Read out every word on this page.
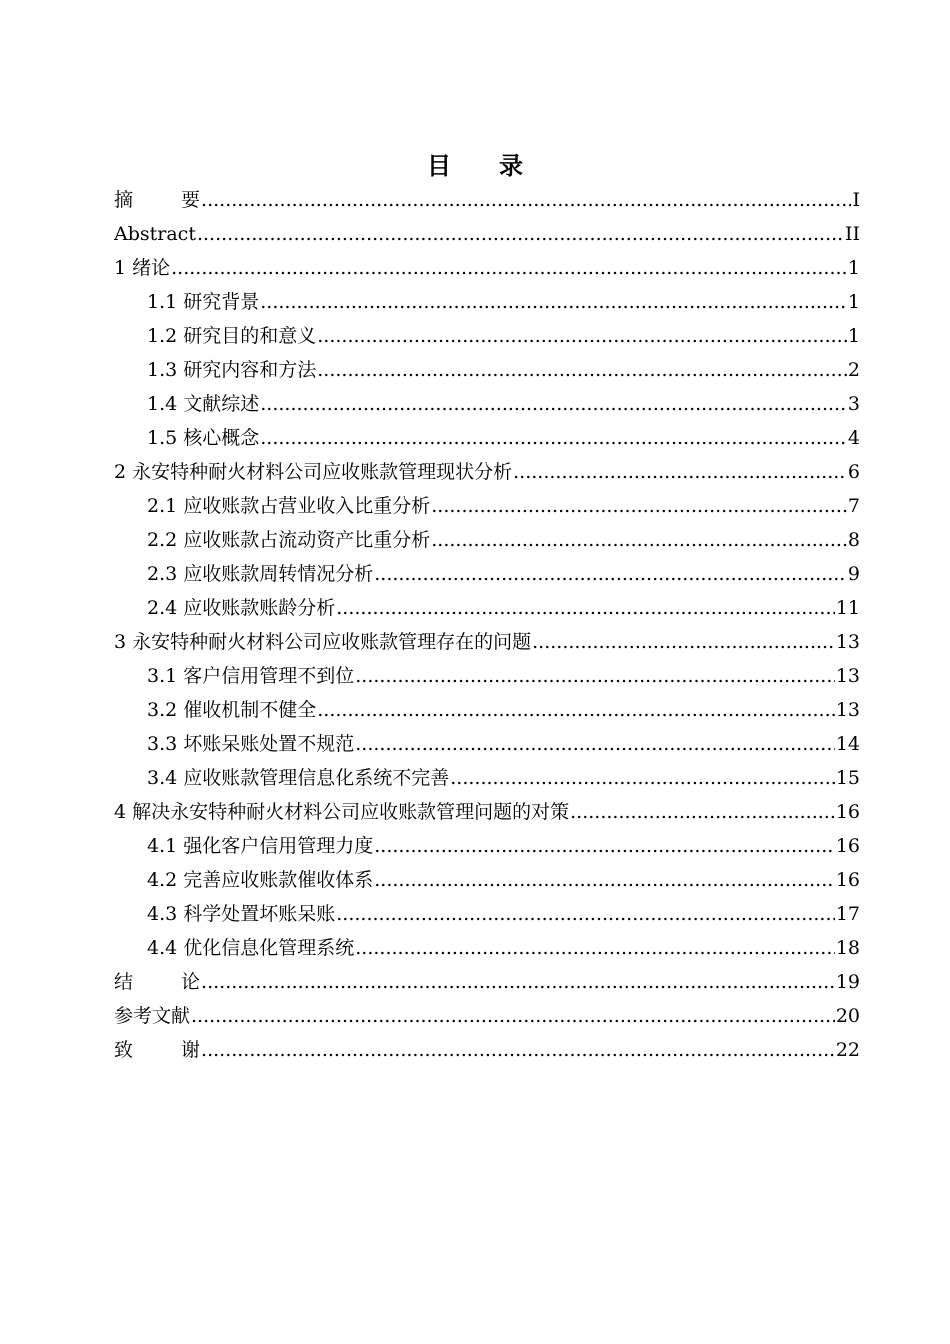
目 录
摘	要 .....	I
Abstract .....	II
1 绪论 .....	1
1.1 研究背景 .....	1
1.2 研究目的和意义 .....	1
1.3 研究内容和方法 .....	2
1.4 文献综述 .....	3
1.5 核心概念 .....	4
2 永安特种耐火材料公司应收账款管理现状分析 .....	6
2.1 应收账款占营业收入比重分析 .....	7
2.2 应收账款占流动资产比重分析 .....	8
2.3 应收账款周转情况分析 .....	9
2.4 应收账款账龄分析 .....	11
3 永安特种耐火材料公司应收账款管理存在的问题 .....	13
3.1 客户信用管理不到位 .....	13
3.2 催收机制不健全 .....	13
3.3 坏账呆账处置不规范 .....	14
3.4 应收账款管理信息化系统不完善 .....	15
4 解决永安特种耐火材料公司应收账款管理问题的对策 .....	16
4.1 强化客户信用管理力度 .....	16
4.2 完善应收账款催收体系 .....	16
4.3 科学处置坏账呆账 .....	17
4.4 优化信息化管理系统 .....	18
结	论 .....	19
参考文献 .....	20
致	谢 .....	22
